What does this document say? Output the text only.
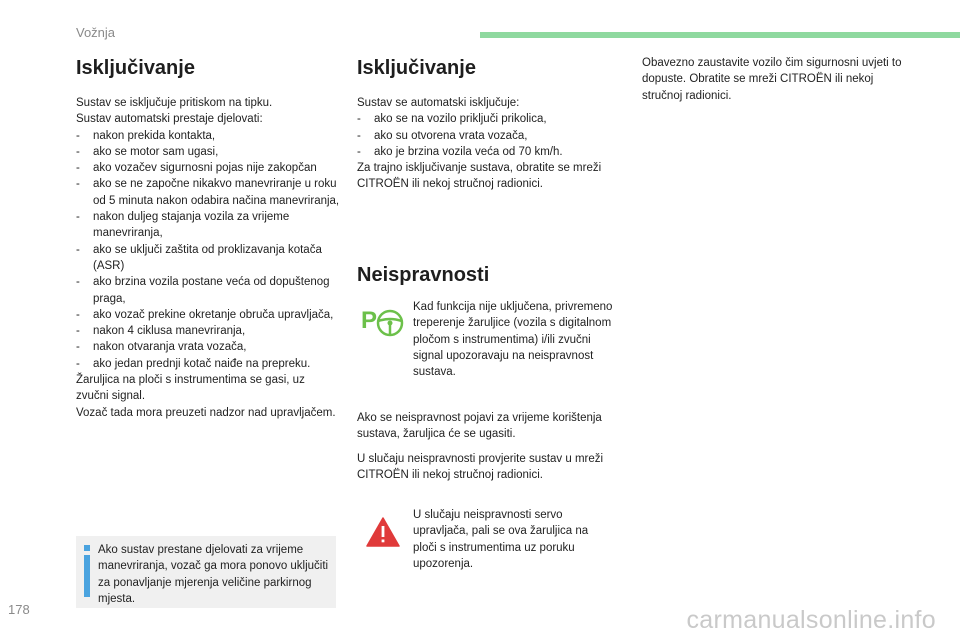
Vožnja
Isključivanje

Sustav se isključuje pritiskom na tipku.

Sustav automatski prestaje djelovati:

- nakon prekida kontakta,
- ako se motor sam ugasi,
- ako vozačev sigurnosni pojas nije zakopčan
- ako se ne započne nikakvo manevriranje u roku od 5 minuta nakon odabira načina manevriranja,
- nakon duljeg stajanja vozila za vrijeme manevriranja,
- ako se uključi zaštita od proklizavanja kotača (ASR)
- ako brzina vozila postane veća od dopuštenog praga,
- ako vozač prekine okretanje obruča upravljača,
- nakon 4 ciklusa manevriranja,
- nakon otvaranja vrata vozača,
- ako jedan prednji kotač naiđe na prepreku.

Žaruljica na ploči s instrumentima se gasi, uz zvučni signal.

Vozač tada mora preuzeti nadzor nad upravljačem.

Ako sustav prestane djelovati za vrijeme manevriranja, vozač ga mora ponovo uključiti za ponavljanje mjerenja veličine parkirnog mjesta.
Isključivanje

Sustav se automatski isključuje:

- ako se na vozilo priključi prikolica,
- ako su otvorena vrata vozača,
- ako je brzina vozila veća od 70 km/h.

Za trajno isključivanje sustava, obratite se mreži CITROËN ili nekoj stručnoj radionici.

Neispravnosti
P	Kad funkcija nije uključena, privremeno treperenje žaruljice (vozila s digitalnom pločom s instrumentima) i/ili zvučni signal upozoravaju na neispravnost sustava.
Ako se neispravnost pojavi za vrijeme korištenja sustava, žaruljica će se ugasiti.
U slučaju neispravnosti provjerite sustav u mreži CITROËN ili nekoj stručnoj radionici.
U slučaju neispravnosti servo upravljača, pali se ova žaruljica na ploči s instrumentima uz poruku upozorenja.

Obavezno zaustavite vozilo čim sigurnosni uvjeti to dopuste. Obratite se mreži CITROËN ili nekoj stručnoj radionici.

178	carmanualsonline.info
